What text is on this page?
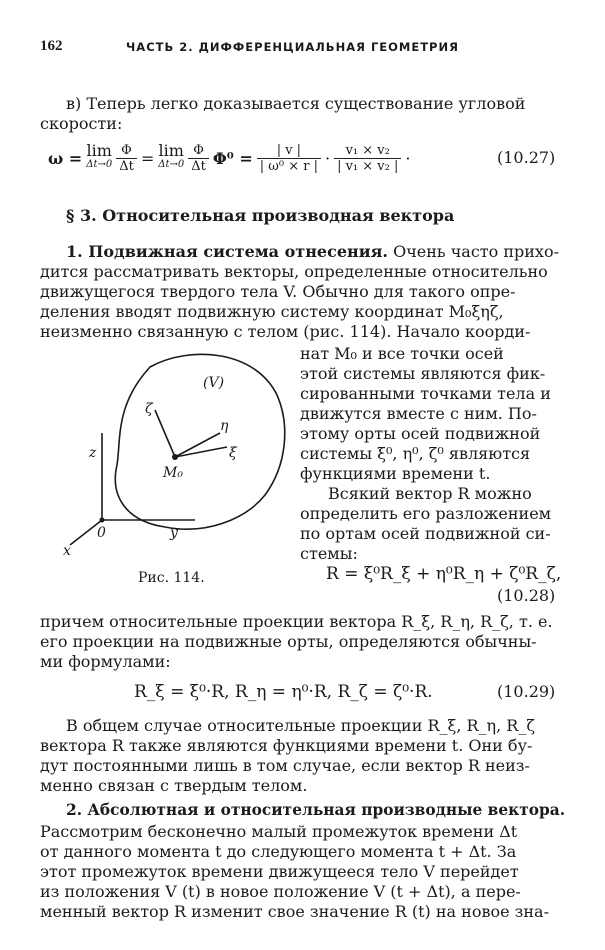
162	ЧАСТЬ 2. ДИФФЕРЕНЦИАЛЬНАЯ ГЕОМЕТРИЯ
в) Теперь легко доказывается существование угловой
скорости:
ω = lim
$\Delta t\to 0 \frac{\Phi}{\Delta t} = \lim$
$\Delta t\to 0 \frac{\Phi}{\Delta t} \Phi^0 = \frac{| v |}{\text{| ω⁰ × r |}} \cdot \frac{\text{v₁ × v₂}}{\text{| v₁ × v₂ |}}$ ·	(10.27)
§ 3. Относительная производная вектора
1. Подвижная система отнесения. Очень часто прихо-
дится рассматривать векторы, определенные относительно
движущегося твердого тела V. Обычно для такого опре-
деления вводят подвижную систему координат M₀ξηζ,
неизменно связанную с телом (рис. 114). Начало коорди-
нат M₀ и все точки осей
этой системы являются фик-
сированными точками тела и
движутся вместе с ним. По-
этому орты осей подвижной
системы ξ⁰, η⁰, ζ⁰ являются
функциями времени t.
Всякий вектор R можно
определить его разложением
по ортам осей подвижной си-
стемы:
R = ξ⁰R_ξ + η⁰R_η + ζ⁰R_ζ,
(10.28)
(V)
ζ
η
ξ
M₀
z
0	y
x
Рис. 114.
причем относительные проекции вектора R_ξ, R_η, R_ζ, т. е.
его проекции на подвижные орты, определяются обычны-
ми формулами:
R_ξ = ξ⁰·R, R_η = η⁰·R, R_ζ = ζ⁰·R.	(10.29)
В общем случае относительные проекции R_ξ, R_η, R_ζ
вектора R также являются функциями времени t. Они бу-
дут постоянными лишь в том случае, если вектор R неиз-
менно связан с твердым телом.
2. Абсолютная и относительная производные вектора.
Рассмотрим бесконечно малый промежуток времени Δt
от данного момента t до следующего момента t + Δt. За
этот промежуток времени движущееся тело V перейдет
из положения V (t) в новое положение V (t + Δt), а пере-
менный вектор R изменит свое значение R (t) на новое зна-
